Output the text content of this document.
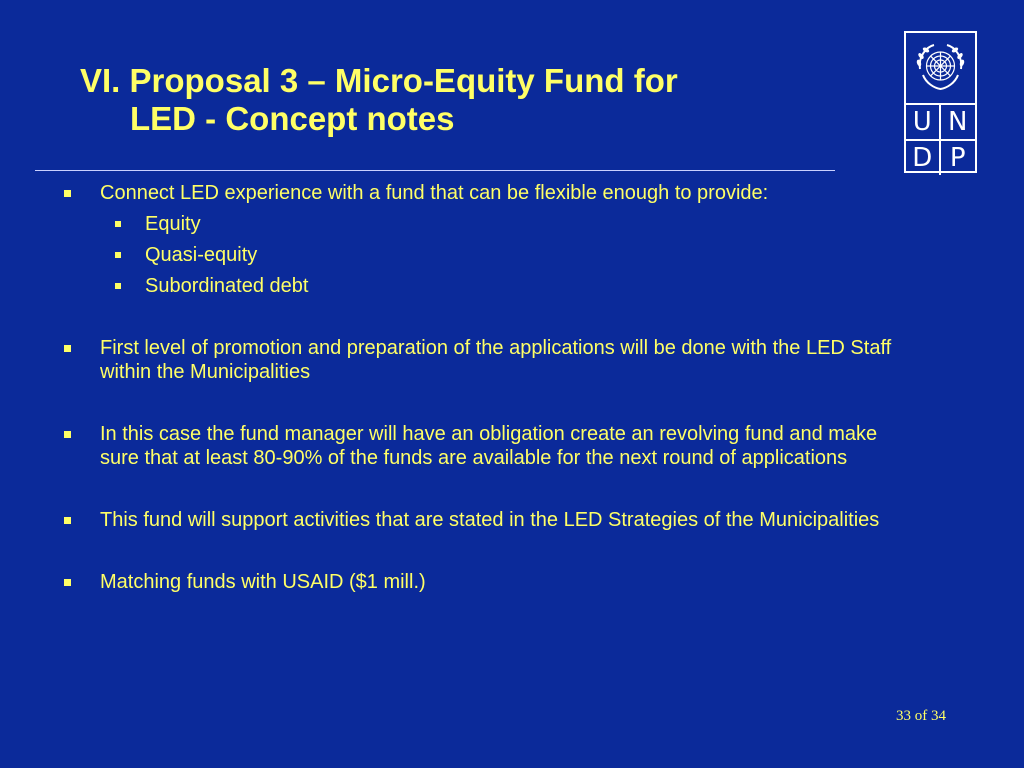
VI. Proposal 3 – Micro-Equity Fund for
LED - Concept notes	U N
D P
Connect LED experience with a fund that can be flexible enough to provide:
Equity
Quasi-equity
Subordinated debt
First level of promotion and preparation of the applications will be done with the LED Staff within the Municipalities
In this case the fund manager will have an obligation create an revolving fund and make sure that at least 80-90% of the funds are available for the next round of applications
This fund will support activities that are stated in the LED Strategies of the Municipalities
Matching funds with USAID ($1 mill.)
33 of 34
